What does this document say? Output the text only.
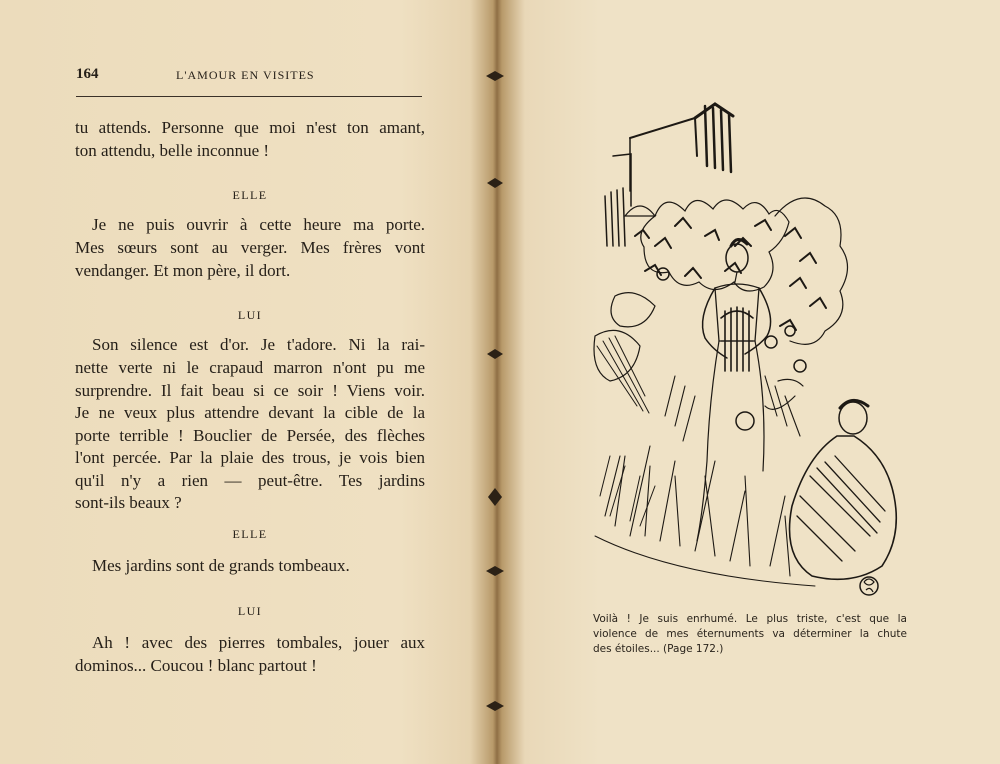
164	L'AMOUR EN VISITES
tu attends. Personne que moi n'est ton amant,
ton attendu, belle inconnue !
ELLE
Je ne puis ouvrir à cette heure ma porte.
Mes sœurs sont au verger. Mes frères vont
vendanger. Et mon père, il dort.
LUI
Son silence est d'or. Je t'adore. Ni la rai-
nette verte ni le crapaud marron n'ont pu me
surprendre. Il fait beau si ce soir ! Viens voir.
Je ne veux plus attendre devant la cible de la
porte terrible ! Bouclier de Persée, des flèches
l'ont percée. Par la plaie des trous, je vois bien
qu'il n'y a rien — peut-être. Tes jardins
sont-ils beaux ?
ELLE
Mes jardins sont de grands tombeaux.
LUI
Ah ! avec des pierres tombales, jouer aux
dominos... Coucou ! blanc partout !
Voilà ! Je suis enrhumé. Le plus triste, c'est que la
violence de mes éternuments va déterminer la chute
des étoiles... (Page 172.)
